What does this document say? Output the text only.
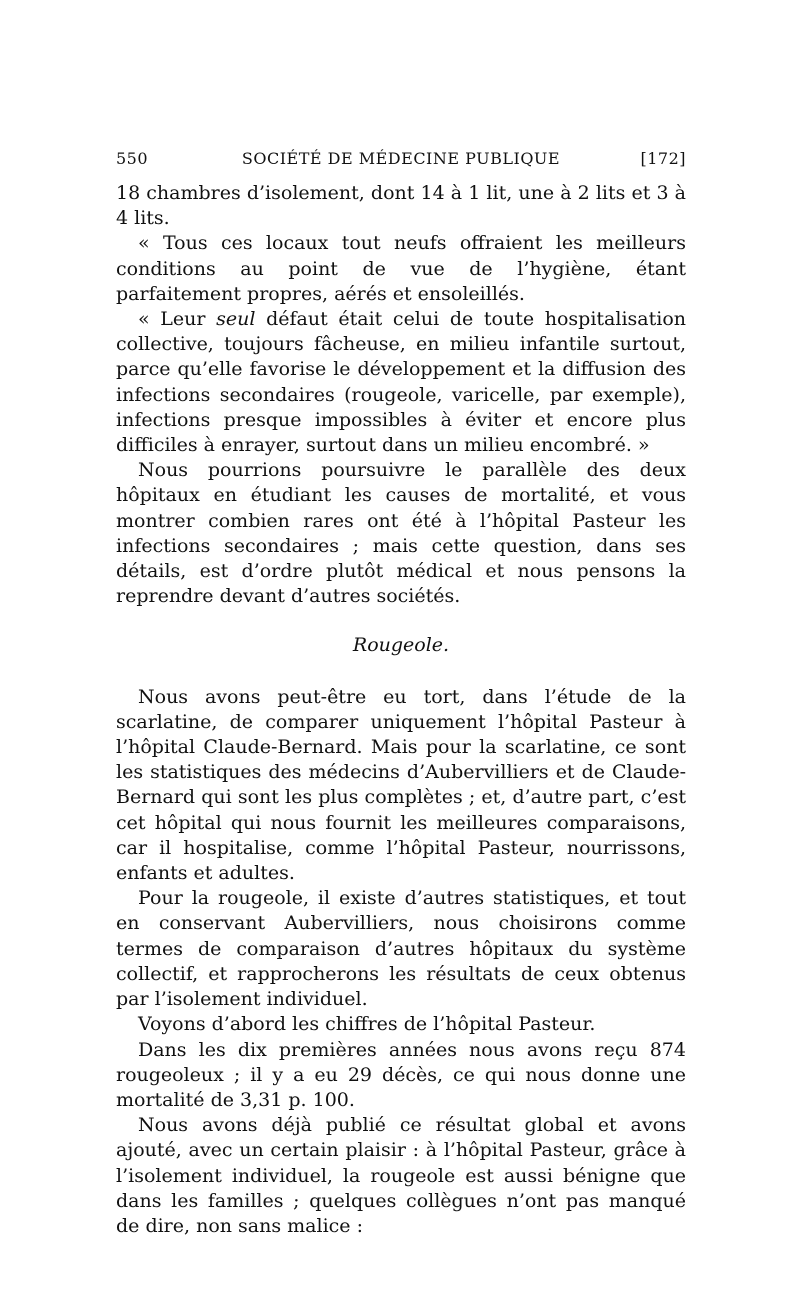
SOCIÉTÉ DE MÉDECINE PUBLIQUE
550	[172]

18 chambres d’isolement, dont 14 à 1 lit, une à 2 lits et 3 à 4 lits.

« Tous ces locaux tout neufs offraient les meilleurs conditions au point de vue de l’hygiène, étant parfaitement propres, aérés et ensoleillés.

« Leur seul défaut était celui de toute hospitalisation collective, toujours fâcheuse, en milieu infantile surtout, parce qu’elle favorise le développement et la diffusion des infections secondaires (rougeole, varicelle, par exemple), infections presque impossibles à éviter et encore plus difficiles à enrayer, surtout dans un milieu encombré. »

Nous pourrions poursuivre le parallèle des deux hôpitaux en étudiant les causes de mortalité, et vous montrer combien rares ont été à l’hôpital Pasteur les infections secondaires ; mais cette question, dans ses détails, est d’ordre plutôt médical et nous pensons la reprendre devant d’autres sociétés.

Rougeole.

Nous avons peut-être eu tort, dans l’étude de la scarlatine, de comparer uniquement l’hôpital Pasteur à l’hôpital Claude-Bernard. Mais pour la scarlatine, ce sont les statistiques des médecins d’Aubervilliers et de Claude-Bernard qui sont les plus complètes ; et, d’autre part, c’est cet hôpital qui nous fournit les meilleures comparaisons, car il hospitalise, comme l’hôpital Pasteur, nourrissons, enfants et adultes.

Pour la rougeole, il existe d’autres statistiques, et tout en conservant Aubervilliers, nous choisirons comme termes de comparaison d’autres hôpitaux du système collectif, et rapprocherons les résultats de ceux obtenus par l’isolement individuel.

Voyons d’abord les chiffres de l’hôpital Pasteur.

Dans les dix premières années nous avons reçu 874 rougeoleux ; il y a eu 29 décès, ce qui nous donne une mortalité de 3,31 p. 100.

Nous avons déjà publié ce résultat global et avons ajouté, avec un certain plaisir : à l’hôpital Pasteur, grâce à l’isolement individuel, la rougeole est aussi bénigne que dans les familles ; quelques collègues n’ont pas manqué de dire, non sans malice :
